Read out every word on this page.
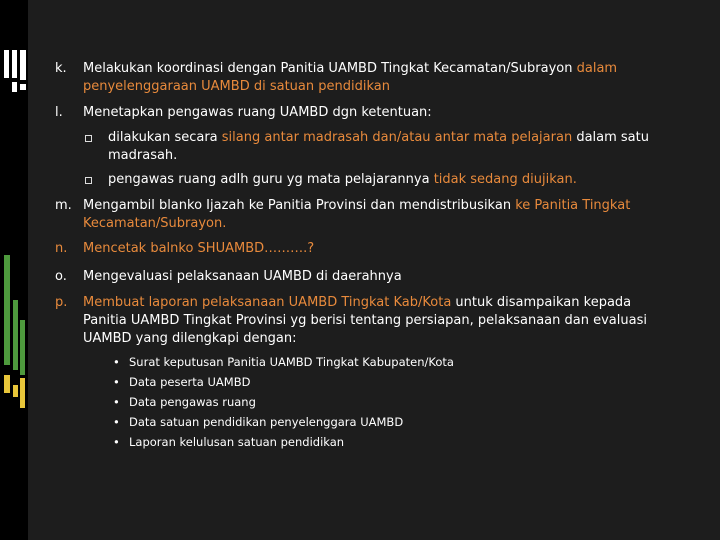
k.	Melakukan koordinasi dengan Panitia UAMBD Tingkat Kecamatan/Subrayon dalam penyelenggaraan UAMBD di satuan pendidikan
l.	Menetapkan pengawas ruang UAMBD dgn ketentuan:
dilakukan secara silang antar madrasah dan/atau antar mata pelajaran dalam satu madrasah.
pengawas ruang adlh guru yg mata pelajarannya tidak sedang diujikan.
m. Mengambil blanko Ijazah ke Panitia Provinsi dan mendistribusikan ke Panitia Tingkat Kecamatan/Subrayon.
n.	Mencetak balnko SHUAMBD……….?
o.	Mengevaluasi pelaksanaan UAMBD di daerahnya
p.	Membuat laporan pelaksanaan UAMBD Tingkat Kab/Kota untuk disampaikan kepada Panitia UAMBD Tingkat Provinsi yg berisi tentang persiapan, pelaksanaan dan evaluasi UAMBD yang dilengkapi dengan:
• Surat keputusan Panitia UAMBD Tingkat Kabupaten/Kota
• Data peserta UAMBD
• Data pengawas ruang
• Data satuan pendidikan penyelenggara UAMBD
• Laporan kelulusan satuan pendidikan
